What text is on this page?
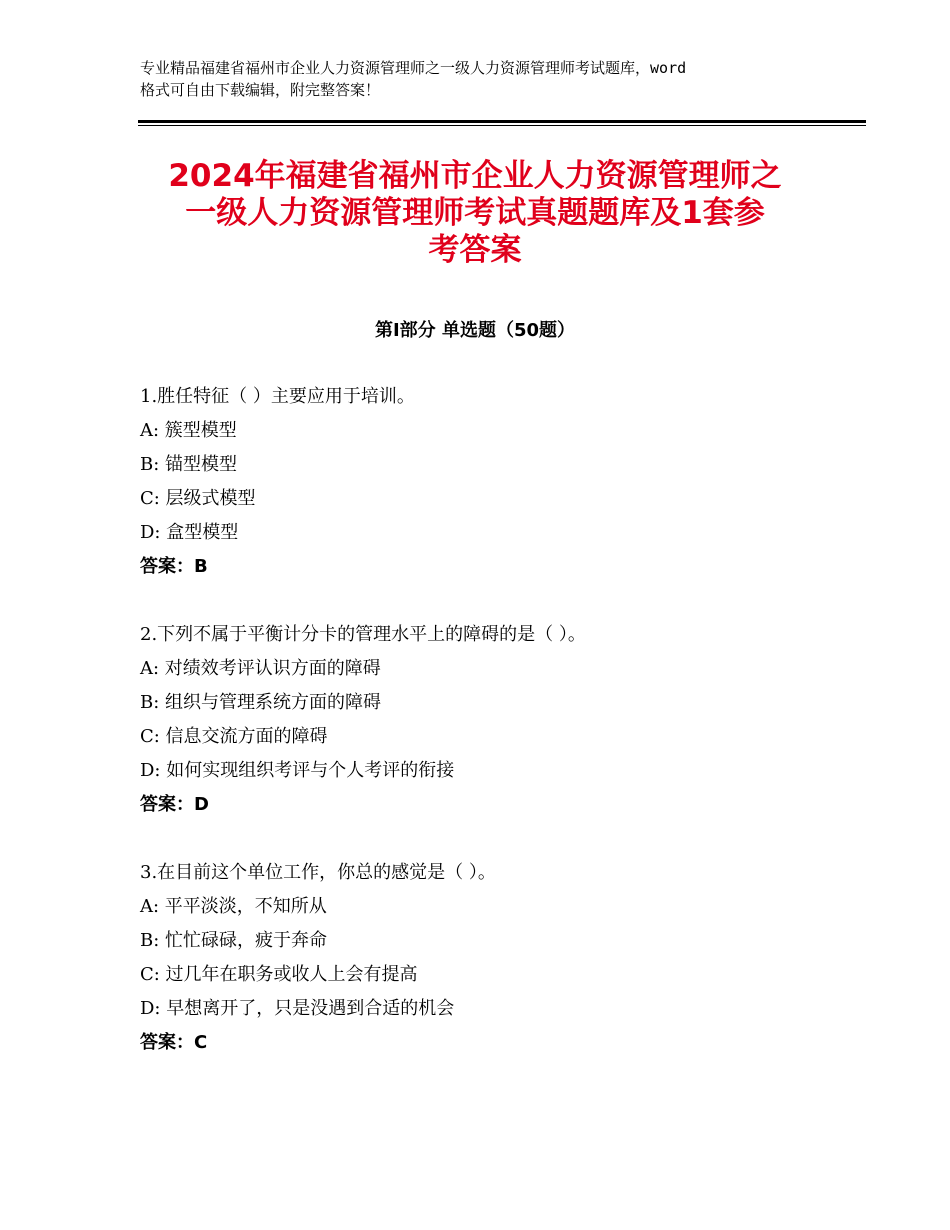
专业精品福建省福州市企业人力资源管理师之一级人力资源管理师考试题库，word
格式可自由下载编辑，附完整答案！
2024年福建省福州市企业人力资源管理师之
一级人力资源管理师考试真题题库及1套参
考答案
第Ⅰ部分 单选题（50题）
1.胜任特征（ ）主要应用于培训。
A: 簇型模型
B: 锚型模型
C: 层级式模型
D: 盒型模型
答案：B
2.下列不属于平衡计分卡的管理水平上的障碍的是（ ）。
A: 对绩效考评认识方面的障碍
B: 组织与管理系统方面的障碍
C: 信息交流方面的障碍
D: 如何实现组织考评与个人考评的衔接
答案：D
3.在目前这个单位工作，你总的感觉是（ ）。
A: 平平淡淡，不知所从
B: 忙忙碌碌，疲于奔命
C: 过几年在职务或收人上会有提高
D: 早想离开了，只是没遇到合适的机会
答案：C
